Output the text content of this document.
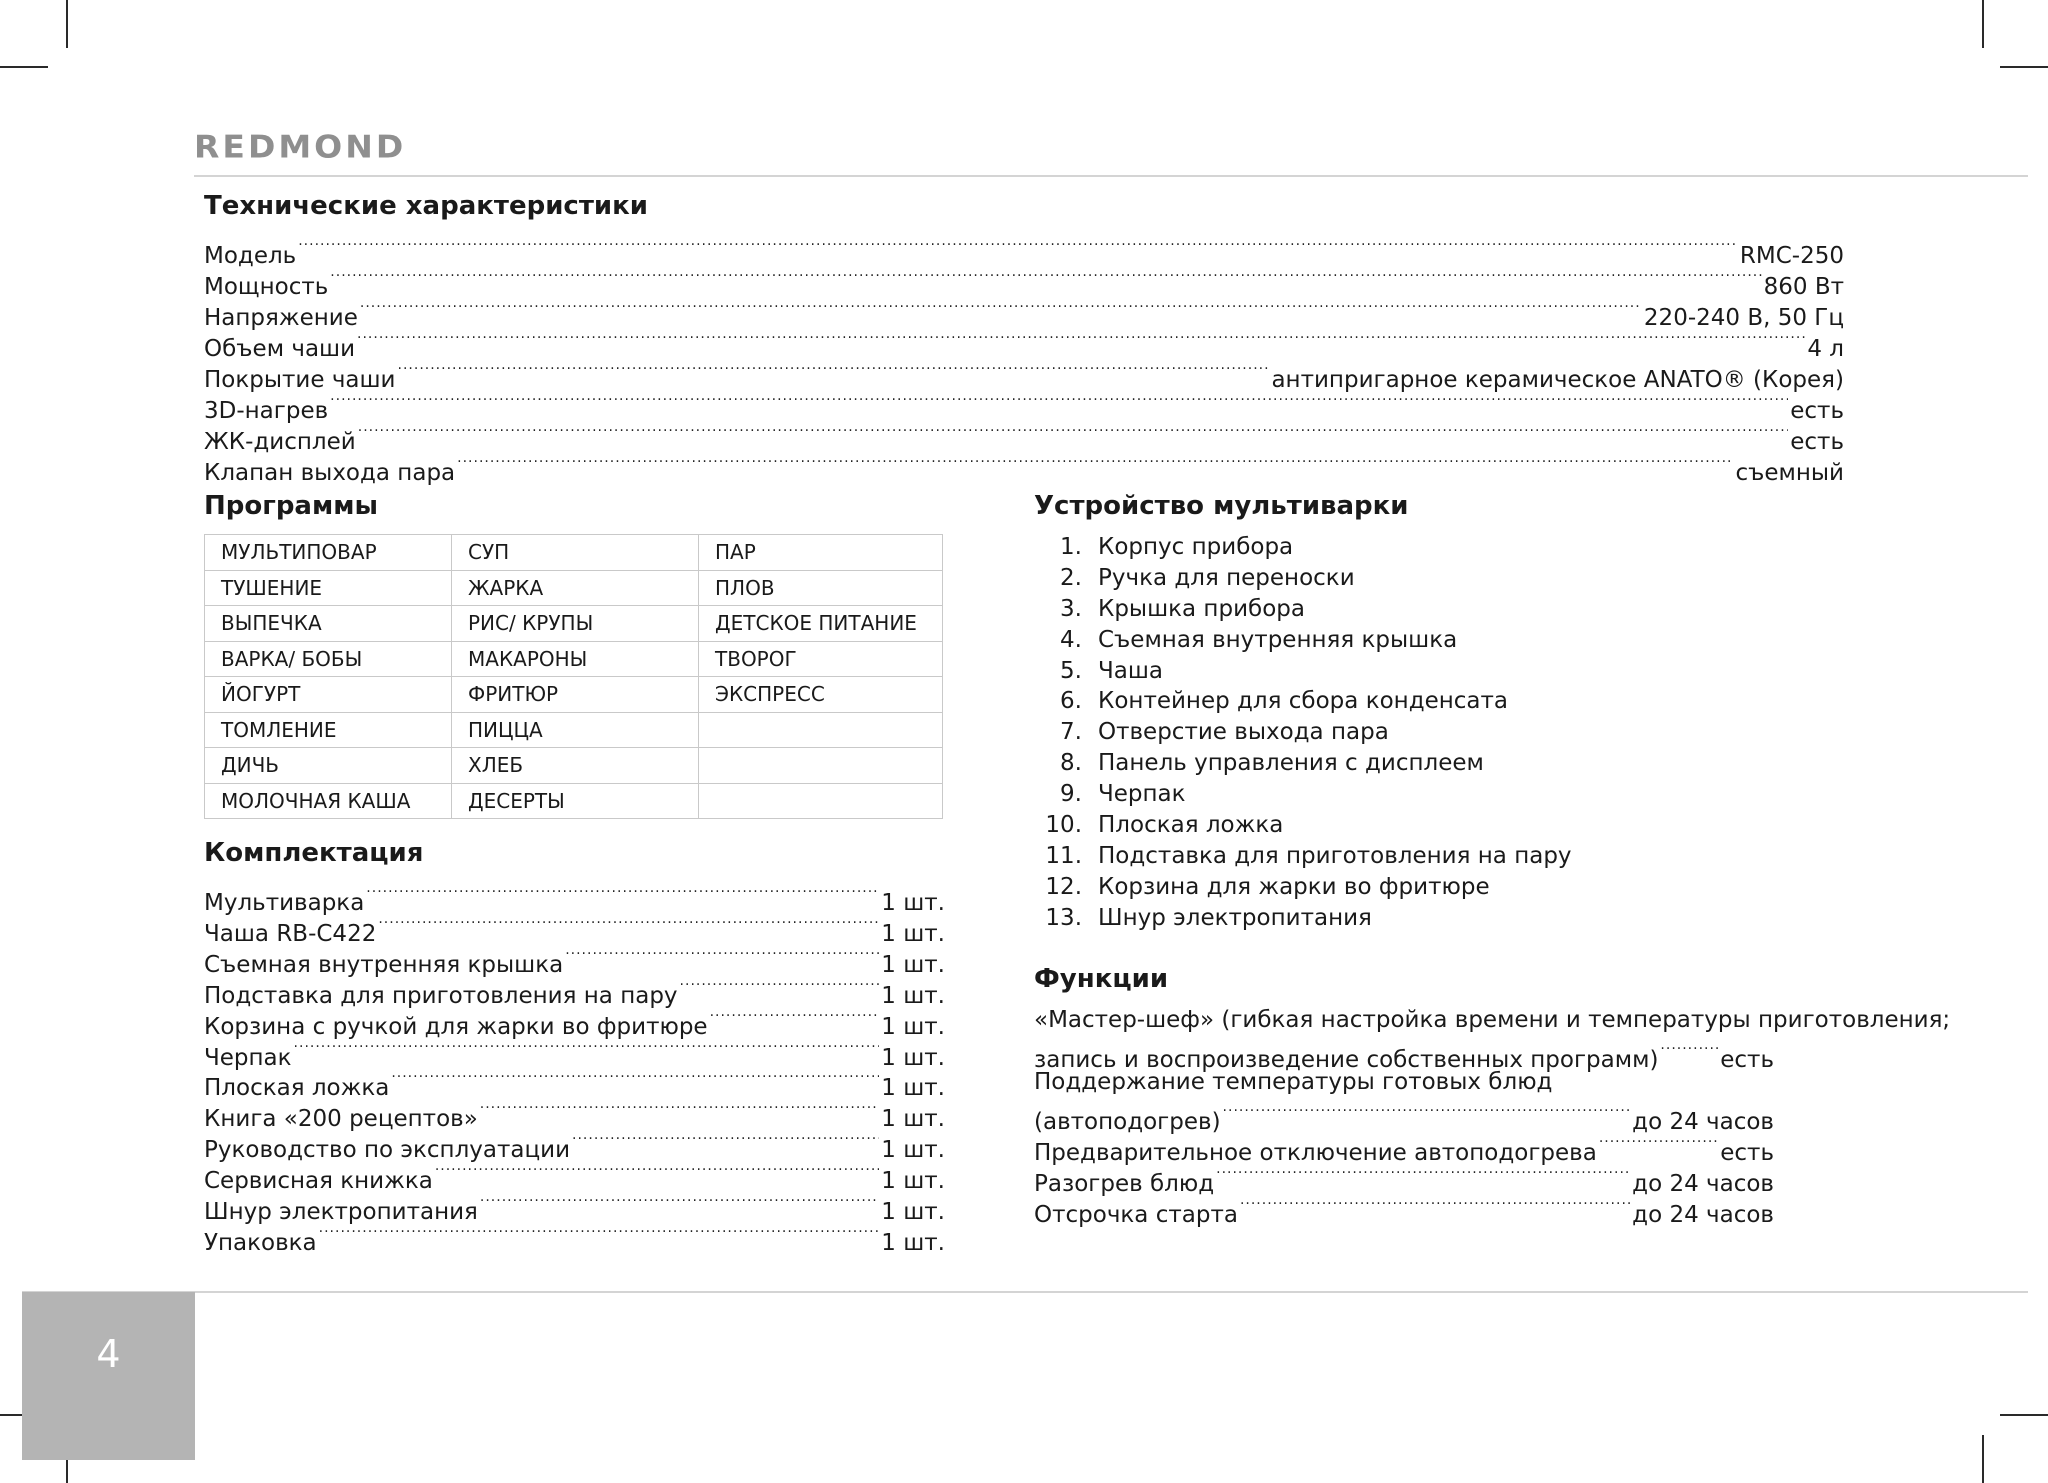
REDMOND
Технические характеристики
Модель .....	RMC-250
Мощность .....	860 Вт
Напряжение .....	220-240 В, 50 Гц
Объем чаши .....	4 л
Покрытие чаши .....	антипригарное керамическое ANATO® (Корея)
3D-нагрев .....	есть
ЖК-дисплей .....	есть
Клапан выхода пара .....	съемный
Программы
МУЛЬТИПОВАР	СУП	ПАР
ТУШЕНИЕ	ЖАРКА	ПЛОВ
ВЫПЕЧКА	РИС/ КРУПЫ	ДЕТСКОЕ ПИТАНИЕ
ВАРКА/ БОБЫ	МАКАРОНЫ	ТВОРОГ
ЙОГУРТ	ФРИТЮР	ЭКСПРЕСС
ТОМЛЕНИЕ	ПИЦЦА	
ДИЧЬ	ХЛЕБ	
МОЛОЧНАЯ КАША	ДЕСЕРТЫ	
Комплектация
Мультиварка .....	1 шт.
Чаша RB-C422 .....	1 шт.
Съемная внутренняя крышка .....	1 шт.
Подставка для приготовления на пару .....	1 шт.
Корзина с ручкой для жарки во фритюре .....	1 шт.
Черпак .....	1 шт.
Плоская ложка .....	1 шт.
Книга «200 рецептов» .....	1 шт.
Руководство по эксплуатации .....	1 шт.
Сервисная книжка .....	1 шт.
Шнур электропитания .....	1 шт.
Упаковка .....	1 шт.
Устройство мультиварки
1. Корпус прибора
2. Ручка для переноски
3. Крышка прибора
4. Съемная внутренняя крышка
5. Чаша
6. Контейнер для сбора конденсата
7. Отверстие выхода пара
8. Панель управления с дисплеем
9. Черпак
10. Плоская ложка
11. Подставка для приготовления на пару
12. Корзина для жарки во фритюре
13. Шнур электропитания
Функции
«Мастер-шеф» (гибкая настройка времени и температуры приготовления;
запись и воспроизведение собственных программ) .....	есть
Поддержание температуры готовых блюд
(автоподогрев) .....	до 24 часов
Предварительное отключение автоподогрева .....	есть
Разогрев блюд .....	до 24 часов
Отсрочка старта .....	до 24 часов
4
